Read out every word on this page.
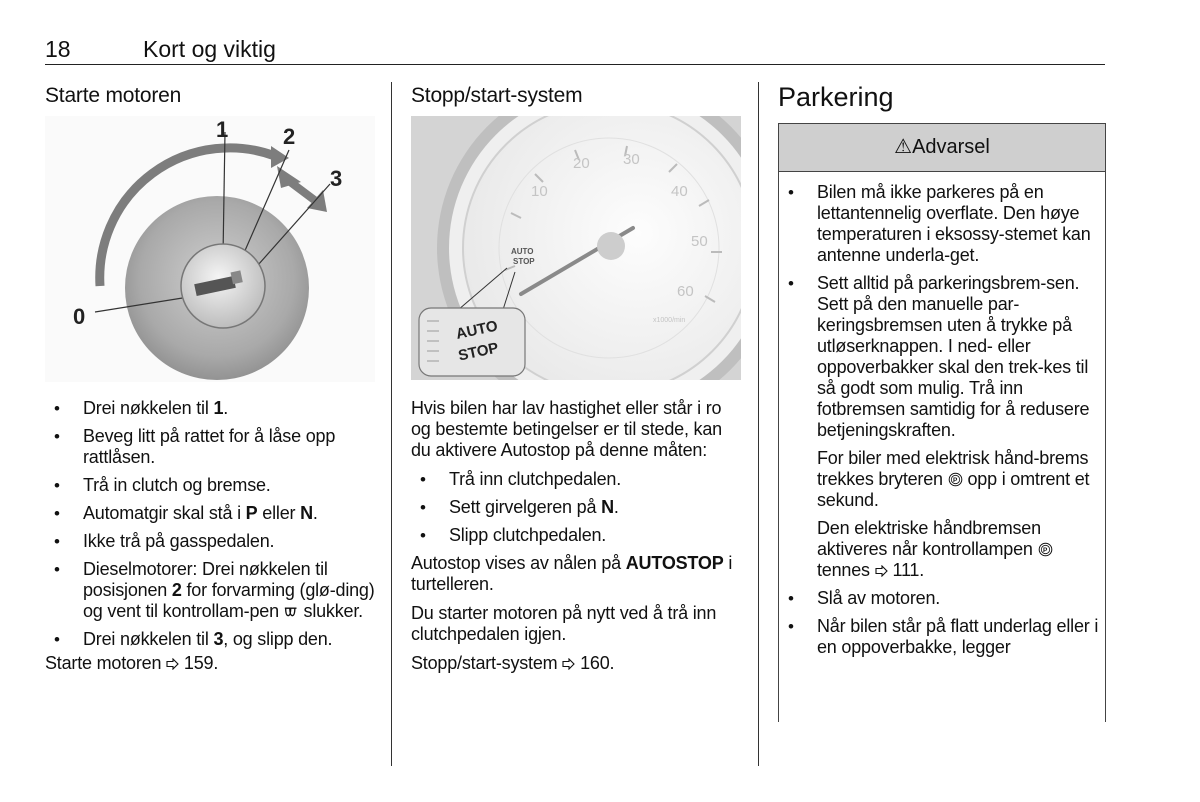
18	Kort og viktig
Starte motoren
1 2
3
0
• Drei nøkkelen til 1.
• Beveg litt på rattet for å låse opp rattlåsen.
• Trå in clutch og bremse.
• Automatgir skal stå i P eller N.
• Ikke trå på gasspedalen.
• Dieselmotorer: Drei nøkkelen til posisjonen 2 for forvarming (glø-ding) og vent til kontrollam-pen  slukker.
• Drei nøkkelen til 3, og slipp den.

Starte motoren 159.

Stopp/start-system
10
20 30
40
50
60
x1000/min
AUTO
STOP
AUTO
STOP

Hvis bilen har lav hastighet eller står i ro og bestemte betingelser er til stede, kan du aktivere Autostop på denne måten:

• Trå inn clutchpedalen.
• Sett girvelgeren på N.
• Slipp clutchpedalen.

Autostop vises av nålen på AUTOSTOP i turtelleren.

Du starter motoren på nytt ved å trå inn clutchpedalen igjen.

Stopp/start-system 160.

Parkering
⚠Advarsel
• Bilen må ikke parkeres på en lettantennelig overflate. Den høye temperaturen i eksossy-stemet kan antenne underla-get.
• Sett alltid på parkeringsbrem-sen. Sett på den manuelle par-keringsbremsen uten å trykke på utløserknappen. I ned- eller oppoverbakker skal den trek-kes til så godt som mulig. Trå inn fotbremsen samtidig for å redusere betjeningskraften.

For biler med elektrisk hånd-brems trekkes bryteren P opp i omtrent et sekund.

Den elektriske håndbremsen aktiveres når kontrollampen P
tennes  111.

• Slå av motoren.
• Når bilen står på flatt underlag eller i en oppoverbakke, legger
